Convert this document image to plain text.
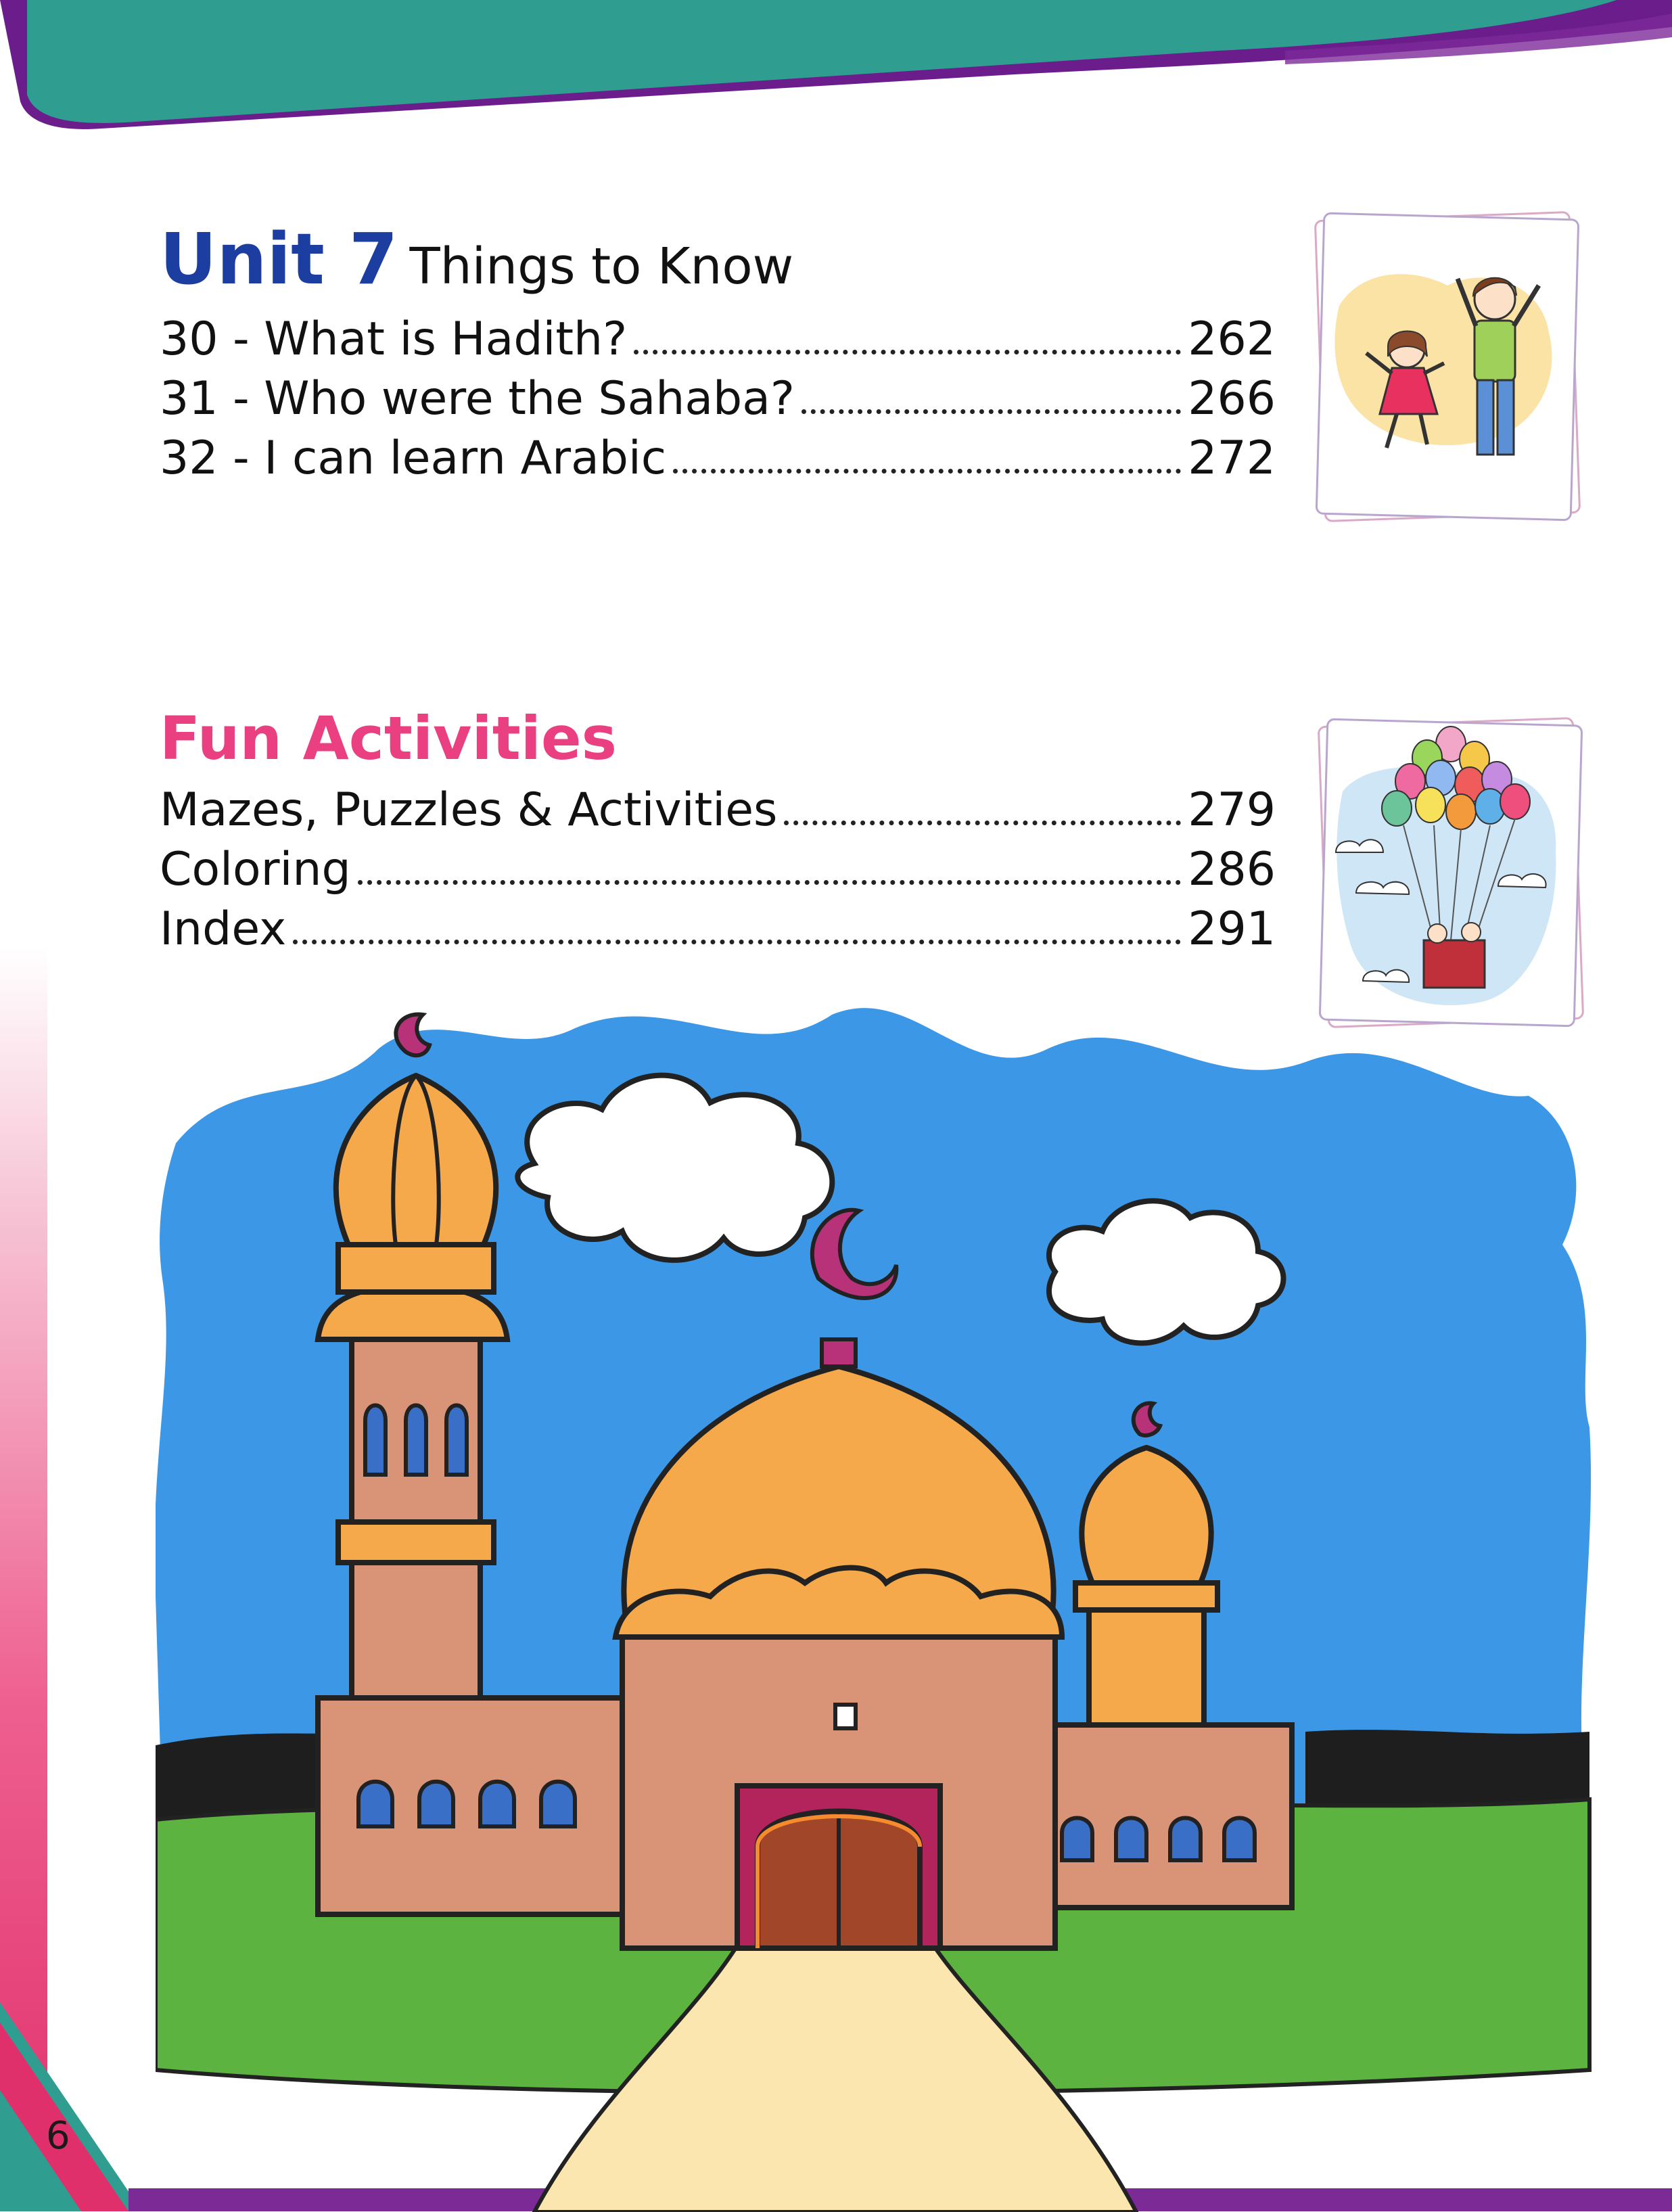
6
Unit 7 Things to Know
30 - What is Hadith?	262
31 - Who were the Sahaba?	266
32 - I can learn Arabic	272
Fun Activities
Mazes, Puzzles & Activities	279
Coloring	286
Index	291
